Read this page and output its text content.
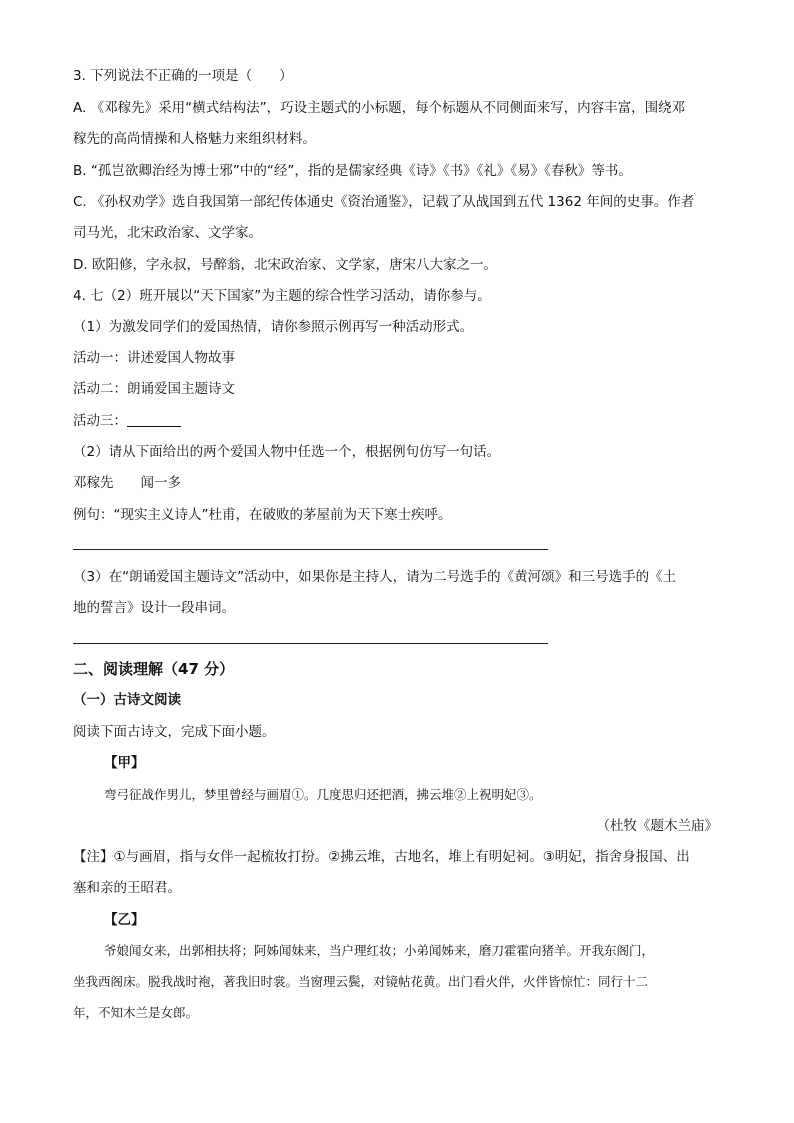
3. 下列说法不正确的一项是（　　）
A. 《邓稼先》采用“横式结构法”，巧设主题式的小标题，每个标题从不同侧面来写，内容丰富，围绕邓
稼先的高尚情操和人格魅力来组织材料。
B. “孤岂欲卿治经为博士邪”中的“经”，指的是儒家经典《诗》《书》《礼》《易》《春秋》等书。
C. 《孙权劝学》选自我国第一部纪传体通史《资治通鉴》，记载了从战国到五代 1362 年间的史事。作者
司马光，北宋政治家、文学家。
D. 欧阳修，字永叔，号醉翁，北宋政治家、文学家，唐宋八大家之一。
4. 七（2）班开展以“天下国家”为主题的综合性学习活动，请你参与。
（1）为激发同学们的爱国热情，请你参照示例再写一种活动形式。
活动一：讲述爱国人物故事
活动二：朗诵爱国主题诗文
活动三：
（2）请从下面给出的两个爱国人物中任选一个，根据例句仿写一句话。
邓稼先　　闻一多
例句：“现实主义诗人”杜甫，在破败的茅屋前为天下寒士疾呼。
（3）在“朗诵爱国主题诗文”活动中，如果你是主持人，请为二号选手的《黄河颂》和三号选手的《土
地的誓言》设计一段串词。
二、阅读理解（47 分）
（一）古诗文阅读
阅读下面古诗文，完成下面小题。
【甲】
弯弓征战作男儿，梦里曾经与画眉①。几度思归还把酒，拂云堆②上祝明妃③。
（杜牧《题木兰庙》
【注】①与画眉，指与女伴一起梳妆打扮。②拂云堆，古地名，堆上有明妃祠。③明妃，指舍身报国、出
塞和亲的王昭君。
【乙】
爷娘闻女来，出郭相扶将；阿姊闻妹来，当户理红妆；小弟闻姊来，磨刀霍霍向猪羊。开我东阁门，
坐我西阁床。脱我战时袍，著我旧时裳。当窗理云鬓，对镜帖花黄。出门看火伴，火伴皆惊忙：同行十二
年，不知木兰是女郎。
